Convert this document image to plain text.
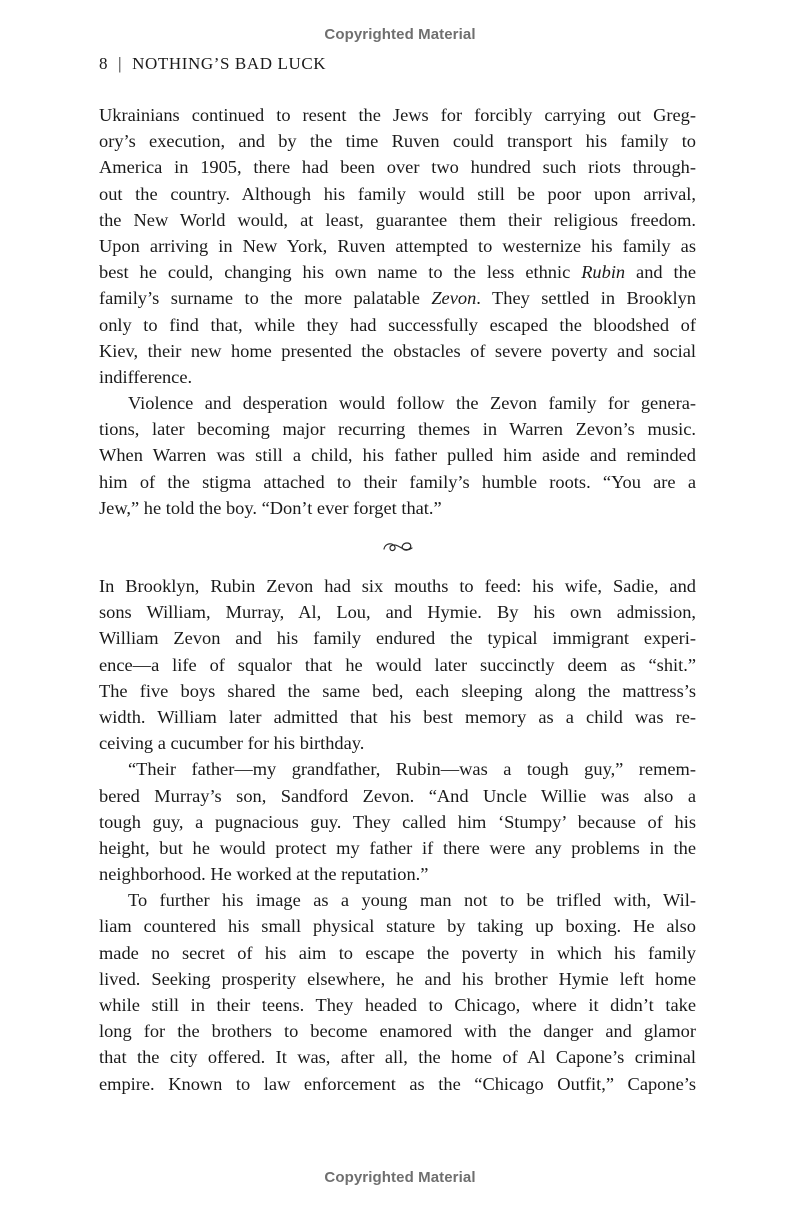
Copyrighted Material
8 | NOTHING’S BAD LUCK
Ukrainians continued to resent the Jews for forcibly carrying out Greg-
ory’s execution, and by the time Ruven could transport his family to
America in 1905, there had been over two hundred such riots through-
out the country. Although his family would still be poor upon arrival,
the New World would, at least, guarantee them their religious freedom.
Upon arriving in New York, Ruven attempted to westernize his family as
best he could, changing his own name to the less ethnic Rubin and the
family’s surname to the more palatable Zevon. They settled in Brooklyn
only to find that, while they had successfully escaped the bloodshed of
Kiev, their new home presented the obstacles of severe poverty and social
indifference.
Violence and desperation would follow the Zevon family for genera-
tions, later becoming major recurring themes in Warren Zevon’s music.
When Warren was still a child, his father pulled him aside and reminded
him of the stigma attached to their family’s humble roots. “You are a
Jew,” he told the boy. “Don’t ever forget that.”
In Brooklyn, Rubin Zevon had six mouths to feed: his wife, Sadie, and
sons William, Murray, Al, Lou, and Hymie. By his own admission,
William Zevon and his family endured the typical immigrant experi-
ence—a life of squalor that he would later succinctly deem as “shit.”
The five boys shared the same bed, each sleeping along the mattress’s
width. William later admitted that his best memory as a child was re-
ceiving a cucumber for his birthday.
“Their father—my grandfather, Rubin—was a tough guy,” remem-
bered Murray’s son, Sandford Zevon. “And Uncle Willie was also a
tough guy, a pugnacious guy. They called him ‘Stumpy’ because of his
height, but he would protect my father if there were any problems in the
neighborhood. He worked at the reputation.”
To further his image as a young man not to be trifled with, Wil-
liam countered his small physical stature by taking up boxing. He also
made no secret of his aim to escape the poverty in which his family
lived. Seeking prosperity elsewhere, he and his brother Hymie left home
while still in their teens. They headed to Chicago, where it didn’t take
long for the brothers to become enamored with the danger and glamor
that the city offered. It was, after all, the home of Al Capone’s criminal
empire. Known to law enforcement as the “Chicago Outfit,” Capone’s
Copyrighted Material
